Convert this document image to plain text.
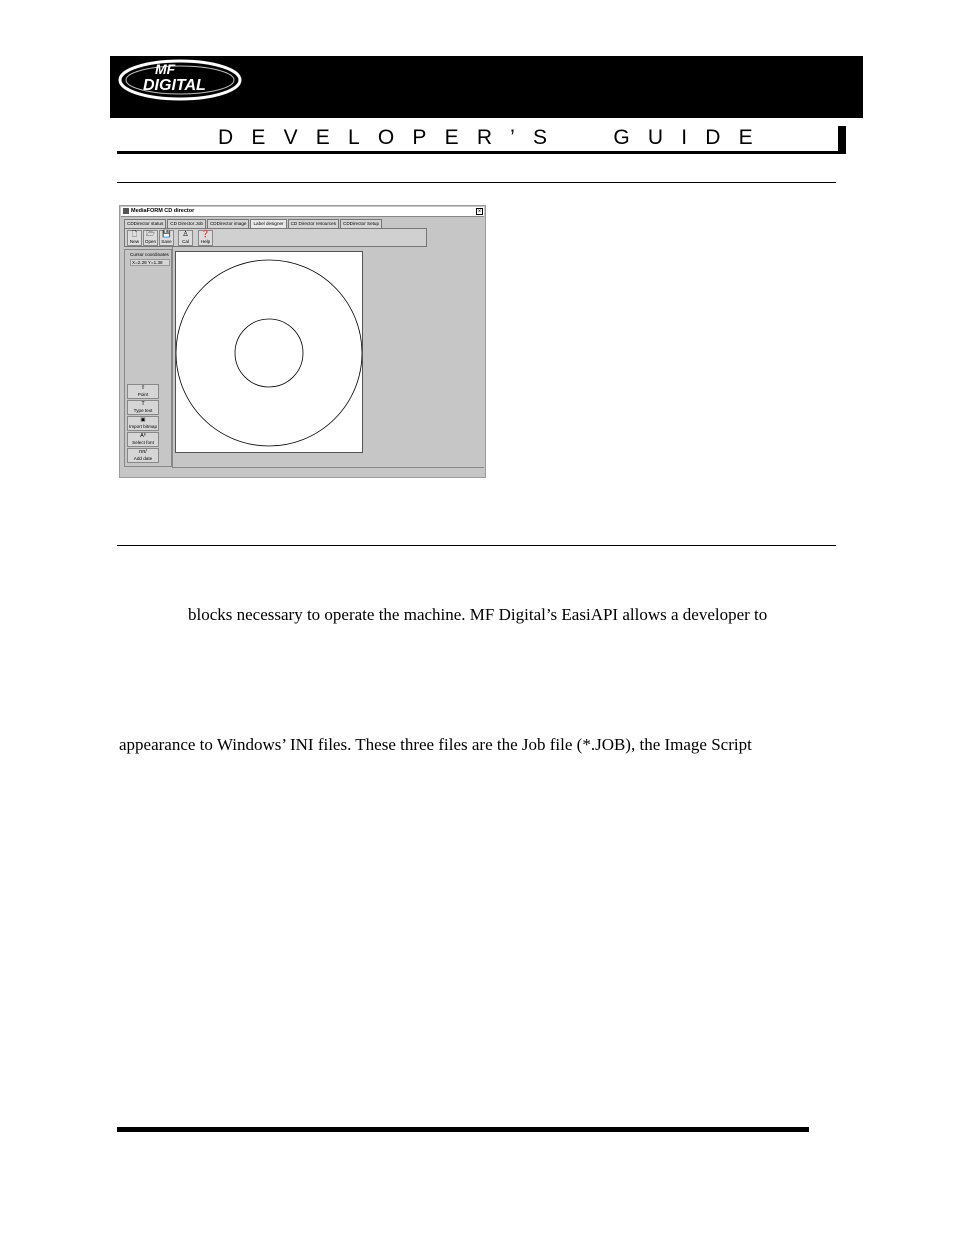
MF
DIGITAL
DEVELOPER’S  GUIDE
MediaFORM CD director	×
CDDirector status	CD Director Job	CDDirector image	Label designer	CD Director resources	CDDirector Setup
🗋
New
🗁
Open
💾
Save
♙
Cal
❓
Help
Cursor coordinates
X=2.28 Y=1.38
⇧
Point
T
Type text
▣
Import bitmap
Aᵇ
Select font
nn/
Add date
blocks necessary to operate the machine. MF Digital’s EasiAPI allows a developer to
appearance to Windows’ INI files. These three files are the Job file (*.JOB), the Image Script
